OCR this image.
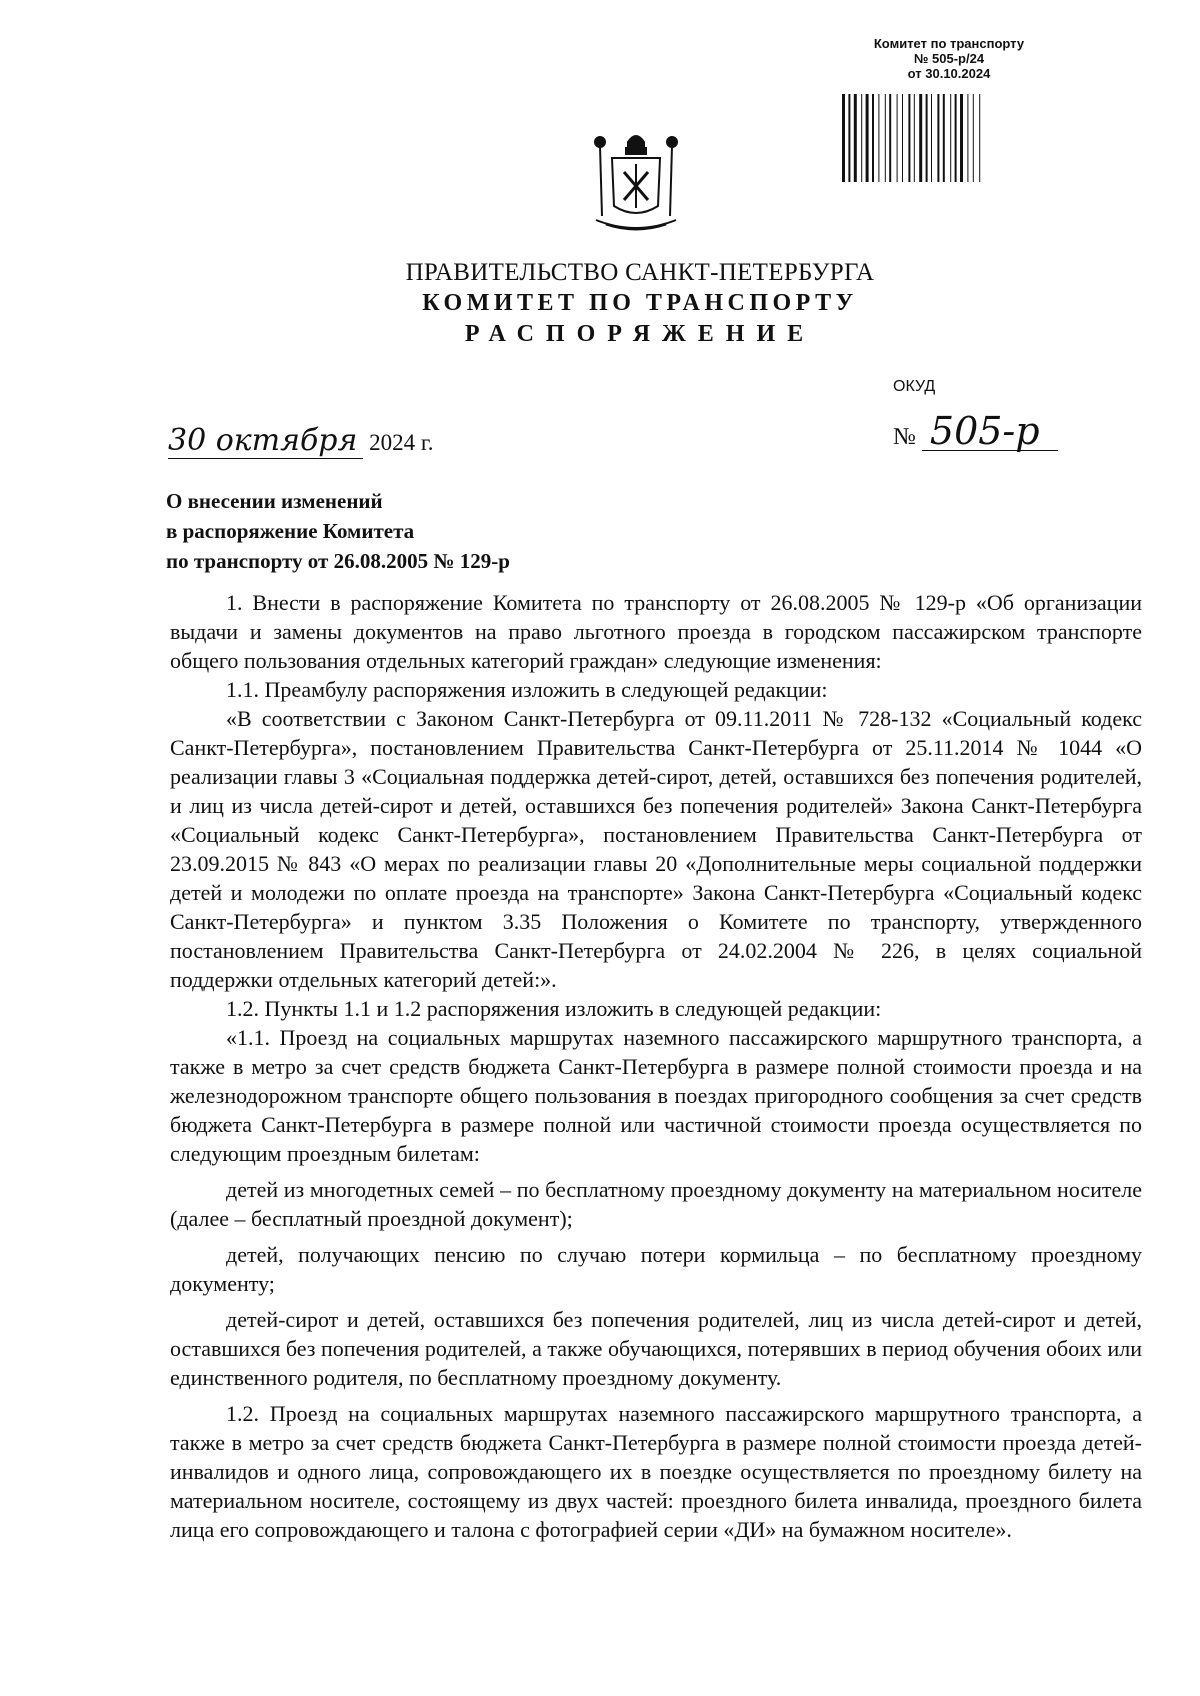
Комитет по транспорту
№ 505-р/24
от 30.10.2024
ПРАВИТЕЛЬСТВО САНКТ-ПЕТЕРБУРГА
КОМИТЕТ ПО ТРАНСПОРТУ
РАСПОРЯЖЕНИЕ
ОКУД
№ 505-р
30 октября 2024 г.
О внесении изменений
в распоряжение Комитета
по транспорту от 26.08.2005 № 129-р

1. Внести в распоряжение Комитета по транспорту от 26.08.2005 № 129-р «Об организации выдачи и замены документов на право льготного проезда в городском пассажирском транспорте общего пользования отдельных категорий граждан» следующие изменения:

1.1. Преамбулу распоряжения изложить в следующей редакции:

«В соответствии с Законом Санкт-Петербурга от 09.11.2011 № 728-132 «Социальный кодекс Санкт-Петербурга», постановлением Правительства Санкт-Петербурга от 25.11.2014 № 1044 «О реализации главы 3 «Социальная поддержка детей-сирот, детей, оставшихся без попечения родителей, и лиц из числа детей-сирот и детей, оставшихся без попечения родителей» Закона Санкт-Петербурга «Социальный кодекс Санкт-Петербурга», постановлением Правительства Санкт-Петербурга от 23.09.2015 № 843 «О мерах по реализации главы 20 «Дополнительные меры социальной поддержки детей и молодежи по оплате проезда на транспорте» Закона Санкт-Петербурга «Социальный кодекс Санкт-Петербурга» и пунктом 3.35 Положения о Комитете по транспорту, утвержденного постановлением Правительства Санкт-Петербурга от 24.02.2004 № 226, в целях социальной поддержки отдельных категорий детей:».

1.2. Пункты 1.1 и 1.2 распоряжения изложить в следующей редакции:

«1.1. Проезд на социальных маршрутах наземного пассажирского маршрутного транспорта, а также в метро за счет средств бюджета Санкт-Петербурга в размере полной стоимости проезда и на железнодорожном транспорте общего пользования в поездах пригородного сообщения за счет средств бюджета Санкт-Петербурга в размере полной или частичной стоимости проезда осуществляется по следующим проездным билетам:

детей из многодетных семей – по бесплатному проездному документу на материальном носителе (далее – бесплатный проездной документ);

детей, получающих пенсию по случаю потери кормильца – по бесплатному проездному документу;

детей-сирот и детей, оставшихся без попечения родителей, лиц из числа детей-сирот и детей, оставшихся без попечения родителей, а также обучающихся, потерявших в период обучения обоих или единственного родителя, по бесплатному проездному документу.

1.2. Проезд на социальных маршрутах наземного пассажирского маршрутного транспорта, а также в метро за счет средств бюджета Санкт-Петербурга в размере полной стоимости проезда детей-инвалидов и одного лица, сопровождающего их в поездке осуществляется по проездному билету на материальном носителе, состоящему из двух частей: проездного билета инвалида, проездного билета лица его сопровождающего и талона с фотографией серии «ДИ» на бумажном носителе».
